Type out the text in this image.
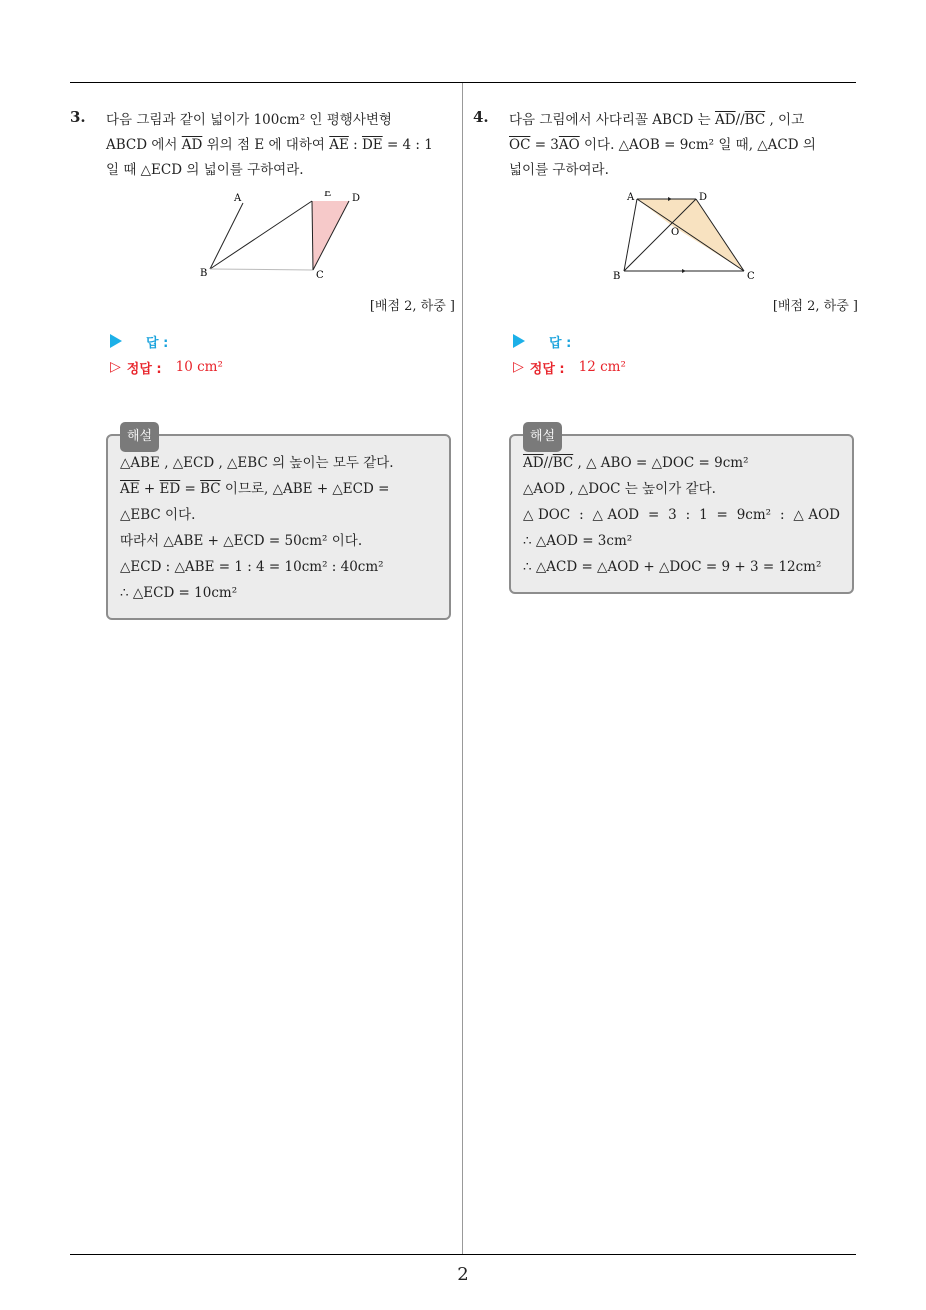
3.	다음 그림과 같이 넓이가 100cm² 인 평행사변형
ABCD 에서 $\overline{AD}$ 위의 점 E 에 대하여 $\overline{AE}$ : $\overline{DE} = 4$ : 1
일 때 △ECD 의 넓이를 구하여라.
A	E D
B	C
[배점 2, 하중 ]
답 :
▷ 정답 : 10 cm²
해설
△ABE , △ECD , △EBC 의 높이는 모두 같다.
$\overline{AE} + \overline{ED} = \overline{BC}$ 이므로, △ABE + △ECD =
△EBC 이다.
따라서 △ABE + △ECD = 50cm² 이다.
△ECD : △ABE = 1 : 4 = 10cm² : 40cm²
∴ △ECD = 10cm²
4.	다음 그림에서 사다리꼴 ABCD 는 $\overline{AD}//\overline{BC}$ , 이고
$\overline{OC} = 3\overline{AO}$ 이다. △AOB = 9cm² 일 때, △ACD 의
넓이를 구하여라.
A	D
O
B	C
[배점 2, 하중 ]
답 :
▷ 정답 : 12 cm²
해설
$\overline{AD}//\overline{BC}$ , △ ABO = △DOC = 9cm²
△AOD , △DOC 는 높이가 같다.
△DOC : △AOD = 3 : 1 = 9cm² : △AOD
∴ △AOD = 3cm²
∴ △ACD = △AOD + △DOC = 9 + 3 = 12cm²
2
